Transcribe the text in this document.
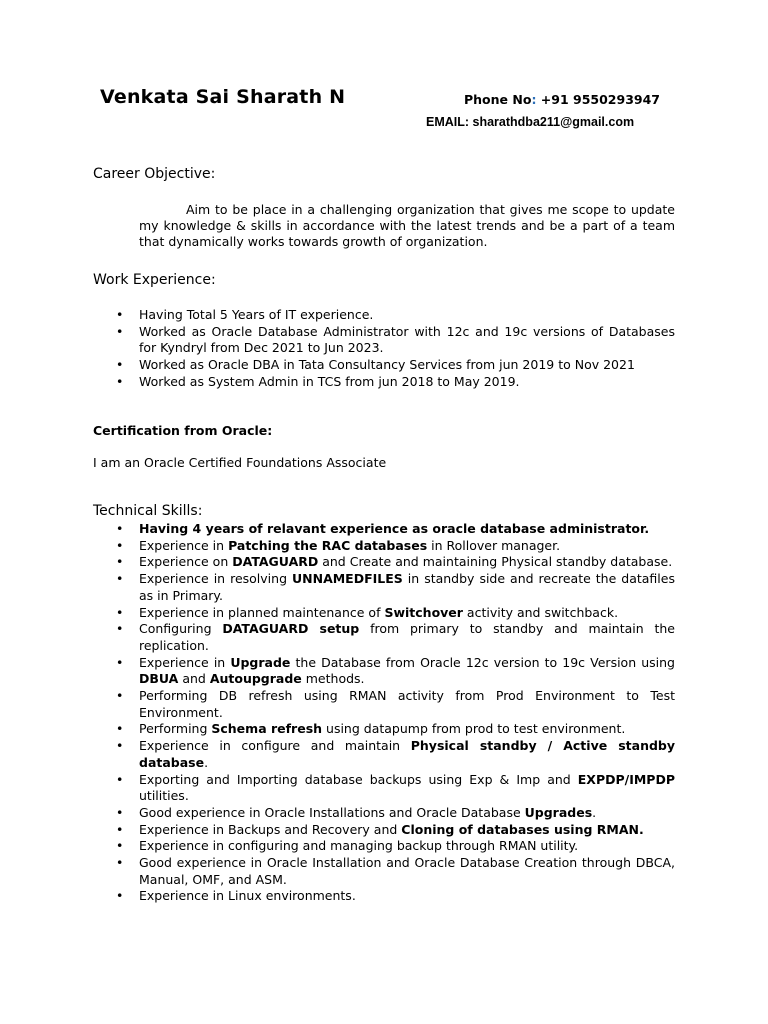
Venkata Sai Sharath N	Phone No: +91 9550293947
EMAIL: sharathdba211@gmail.com
Career Objective:
Aim to be place in a challenging organization that gives me scope to update my knowledge & skills in accordance with the latest trends and be a part of a team that dynamically works towards growth of organization.
Work Experience:
• Having Total 5 Years of IT experience.
• Worked as Oracle Database Administrator with 12c and 19c versions of Databases for Kyndryl from Dec 2021 to Jun 2023.
• Worked as Oracle DBA in Tata Consultancy Services from jun 2019 to Nov 2021
• Worked as System Admin in TCS from jun 2018 to May 2019.
Certification from Oracle:
I am an Oracle Certified Foundations Associate
Technical Skills:
• Having 4 years of relavant experience as oracle database administrator.
• Experience in Patching the RAC databases in Rollover manager.
• Experience on DATAGUARD and Create and maintaining Physical standby database.
• Experience in resolving UNNAMEDFILES in standby side and recreate the datafiles as in Primary.
• Experience in planned maintenance of Switchover activity and switchback.
• Configuring DATAGUARD setup from primary to standby and maintain the replication.
• Experience in Upgrade the Database from Oracle 12c version to 19c Version using DBUA and Autoupgrade methods.
• Performing DB refresh using RMAN activity from Prod Environment to Test Environment.
• Performing Schema refresh using datapump from prod to test environment.
• Experience in configure and maintain Physical standby / Active standby database.
• Exporting and Importing database backups using Exp & Imp and EXPDP/IMPDP utilities.
• Good experience in Oracle Installations and Oracle Database Upgrades.
• Experience in Backups and Recovery and Cloning of databases using RMAN.
• Experience in configuring and managing backup through RMAN utility.
• Good experience in Oracle Installation and Oracle Database Creation through DBCA, Manual, OMF, and ASM.
• Experience in Linux environments.
